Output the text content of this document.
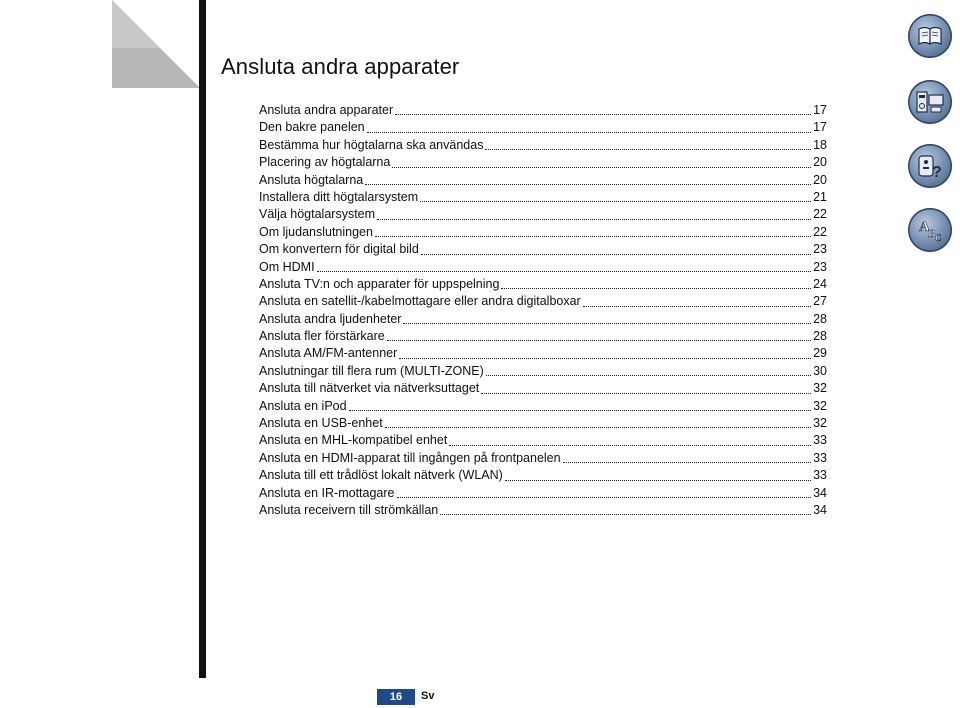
Ansluta andra apparater
Ansluta andra apparater	17
Den bakre panelen	17
Bestämma hur högtalarna ska användas	18
Placering av högtalarna	20
Ansluta högtalarna	20
Installera ditt högtalarsystem	21
Välja högtalarsystem	22
Om ljudanslutningen	22
Om konvertern för digital bild	23
Om HDMI	23
Ansluta TV:n och apparater för uppspelning	24
Ansluta en satellit-/kabelmottagare eller andra digitalboxar	27
Ansluta andra ljudenheter	28
Ansluta fler förstärkare	28
Ansluta AM/FM-antenner	29
Anslutningar till flera rum (MULTI-ZONE)	30
Ansluta till nätverket via nätverksuttaget	32
Ansluta en iPod	32
Ansluta en USB-enhet	32
Ansluta en MHL-kompatibel enhet	33
Ansluta en HDMI-apparat till ingången på frontpanelen	33
Ansluta till ett trådlöst lokalt nätverk (WLAN)	33
Ansluta en IR-mottagare	34
Ansluta receivern till strömkällan	34
?
A
B C
16	Sv
